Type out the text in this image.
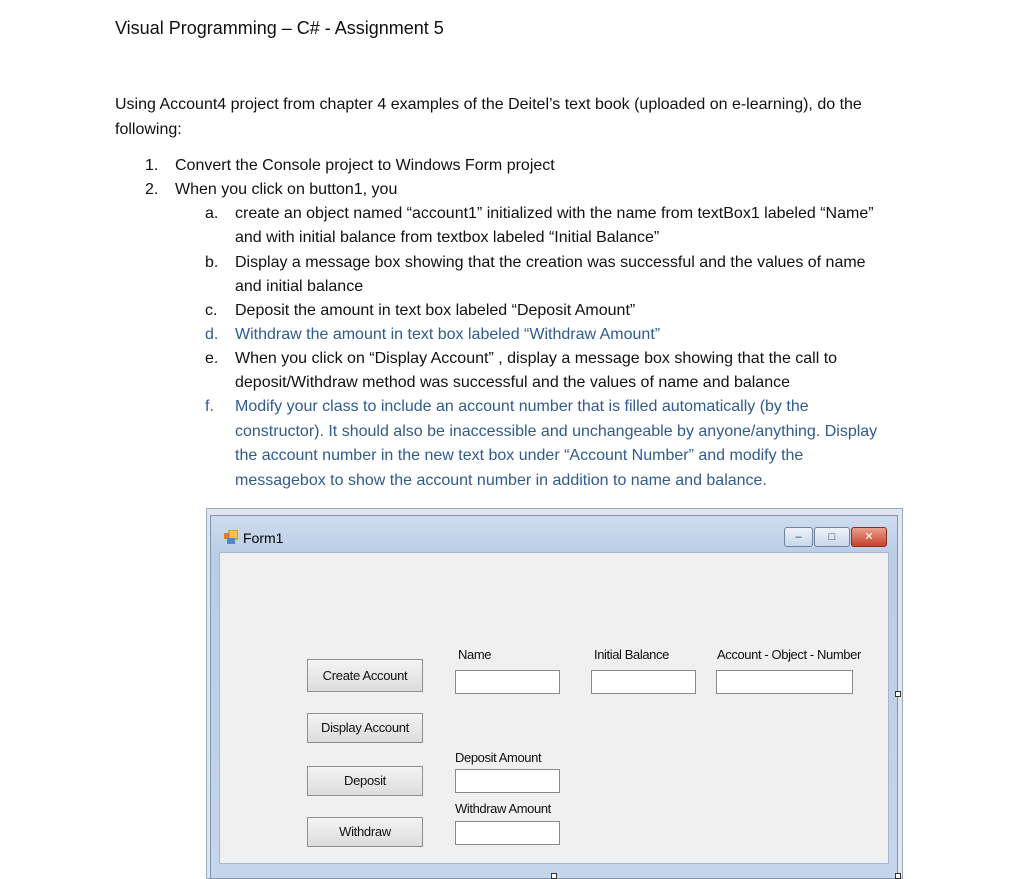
Visual Programming – C# - Assignment 5

Using Account4 project from chapter 4 examples of the Deitel’s text book (uploaded on e-learning), do the following:

1. Convert the Console project to Windows Form project
2. When you click on button1, you
a. create an object named “account1” initialized with the name from textBox1 labeled “Name” and with initial balance from textbox labeled “Initial Balance”
b. Display a message box showing that the creation was successful and the values of name and initial balance
c. Deposit the amount in text box labeled “Deposit Amount”
d. Withdraw the amount in text box labeled “Withdraw Amount”
e. When you click on “Display Account” , display a message box showing that the call to deposit/Withdraw method was successful and the values of name and balance
f. Modify your class to include an account number that is filled automatically (by the constructor). It should also be inaccessible and unchangeable by anyone/anything. Display the account number in the new text box under “Account Number” and modify the messagebox to show the account number in addition to name and balance.
Form1	–	□	✕
Create Account
Display Account
Deposit
Withdraw
Name	Initial Balance	Account - Object - Number
Deposit Amount
Withdraw Amount
